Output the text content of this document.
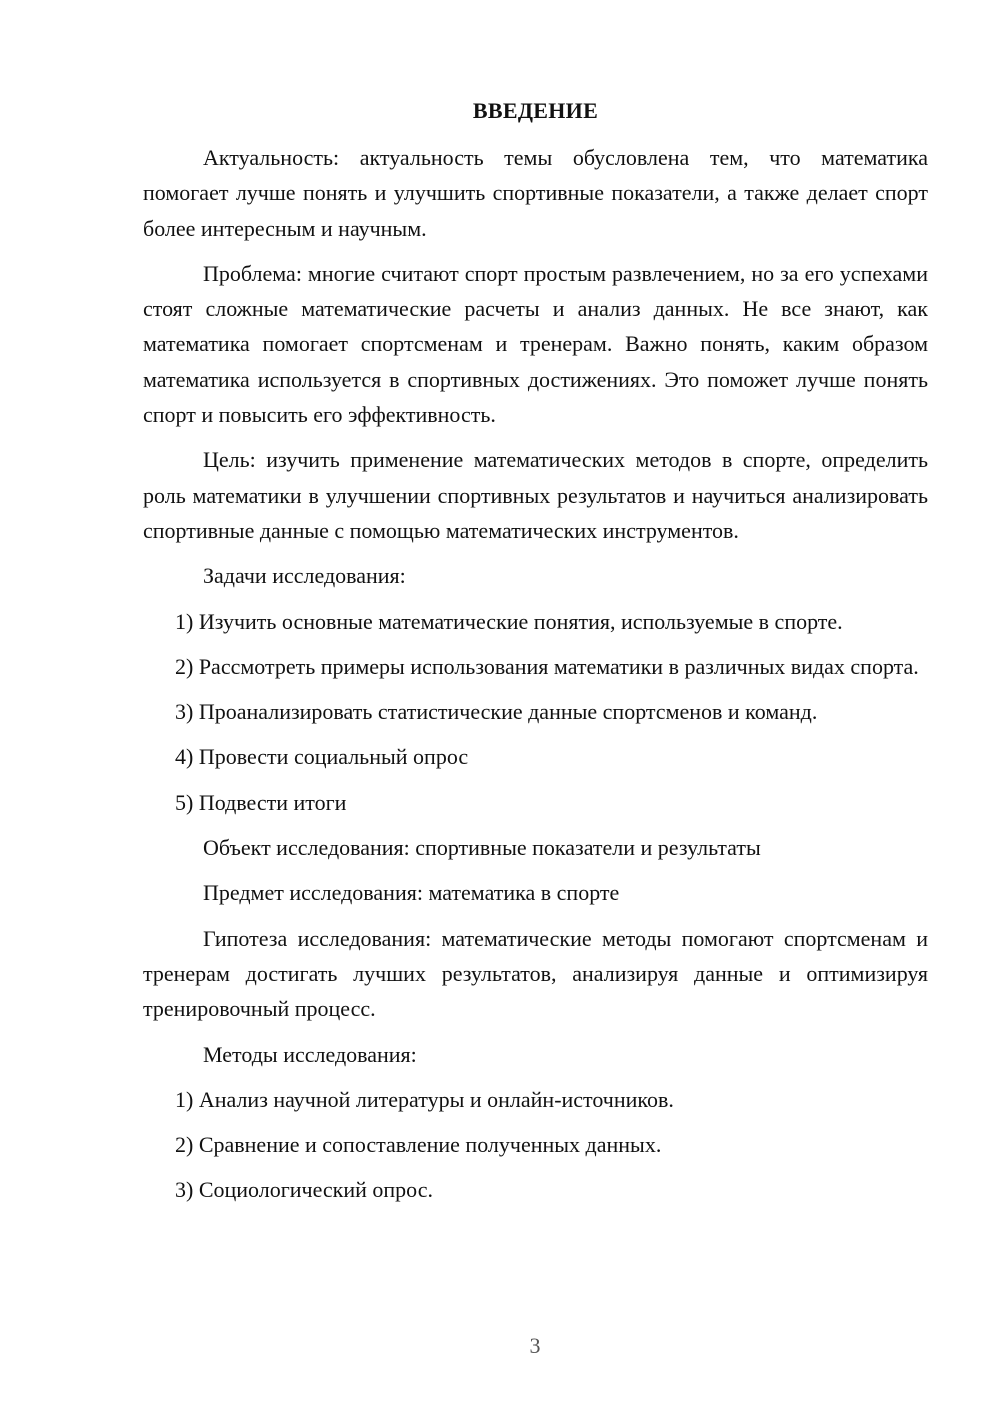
ВВЕДЕНИЕ

Актуальность: актуальность темы обусловлена тем, что математика помогает лучше понять и улучшить спортивные показатели, а также делает спорт более интересным и научным.

Проблема: многие считают спорт простым развлечением, но за его успехами стоят сложные математические расчеты и анализ данных. Не все знают, как математика помогает спортсменам и тренерам. Важно понять, каким образом математика используется в спортивных достижениях. Это поможет лучше понять спорт и повысить его эффективность.

Цель: изучить применение математических методов в спорте, определить роль математики в улучшении спортивных результатов и научиться анализировать спортивные данные с помощью математических инструментов.

Задачи исследования:

1) Изучить основные математические понятия, используемые в спорте.

2) Рассмотреть примеры использования математики в различных видах спорта.

3) Проанализировать статистические данные спортсменов и команд.

4) Провести социальный опрос

5) Подвести итоги

Объект исследования: спортивные показатели и результаты

Предмет исследования: математика в спорте

Гипотеза исследования: математические методы помогают спортсменам и тренерам достигать лучших результатов, анализируя данные и оптимизируя тренировочный процесс.

Методы исследования:

1) Анализ научной литературы и онлайн-источников.

2) Сравнение и сопоставление полученных данных.

3) Социологический опрос.

3
